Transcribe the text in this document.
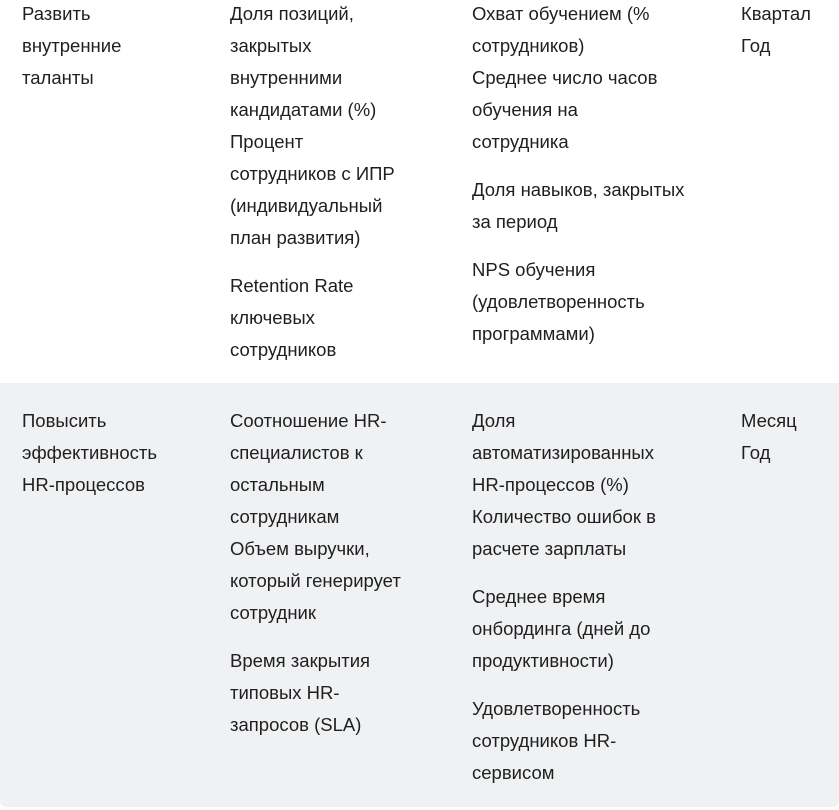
Развить
внутренние
таланты
Доля позиций,
закрытых
внутренними
кандидатами (%)
Процент
сотрудников с ИПР
(индивидуальный
план развития)
Retention Rate
ключевых
сотрудников
Охват обучением (%
сотрудников)
Среднее число часов
обучения на
сотрудника
Доля навыков, закрытых
за период
NPS обучения
(удовлетворенность
программами)
Квартал
Год
Повысить
эффективность
HR-процессов
Соотношение HR-
специалистов к
остальным
сотрудникам
Объем выручки,
который генерирует
сотрудник
Время закрытия
типовых HR-
запросов (SLA)
Доля
автоматизированных
HR-процессов (%)
Количество ошибок в
расчете зарплаты
Среднее время
онбординга (дней до
продуктивности)
Удовлетворенность
сотрудников HR-
сервисом
Месяц
Год
